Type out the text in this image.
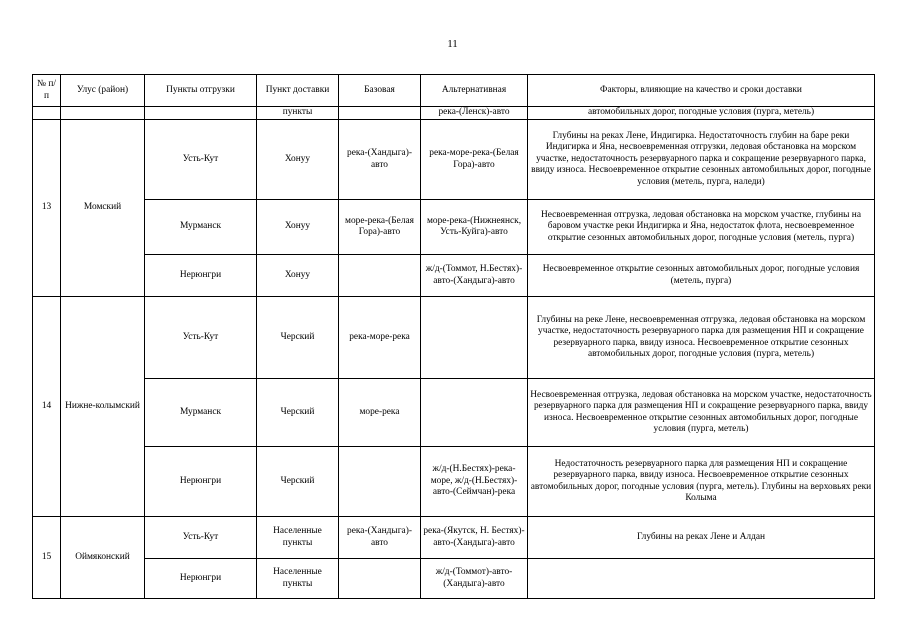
11
№ п/п	Улус (район)	Пункты отгрузки	Пункт доставки	Базовая	Альтернативная	Факторы, влияющие на качество и сроки доставки
			пункты		река-(Ленск)-авто	автомобильных дорог, погодные условия (пурга, метель)
13	Момский	Усть-Кут	Хонуу	река-(Хандыга)-авто	река-море-река-(Белая Гора)-авто	Глубины на реках Лене, Индигирка. Недостаточность глубин на баре реки Индигирка и Яна, несвоевременная отгрузки, ледовая обстановка на морском участке, недостаточность резервуарного парка и сокращение резервуарного парка, ввиду износа. Несвоевременное открытие сезонных автомобильных дорог, погодные условия (метель, пурга, наледи)
		Мурманск	Хонуу	море-река-(Белая Гора)-авто	море-река-(Нижнеянск, Усть-Куйга)-авто	Несвоевременная отгрузка, ледовая обстановка на морском участке, глубины на баровом участке реки Индигирка и Яна, недостаток флота, несвоевременное открытие сезонных автомобильных дорог, погодные условия (метель, пурга)
		Нерюнгри	Хонуу		ж/д-(Томмот, Н.Бестях)-авто-(Хандыга)-авто	Несвоевременное открытие сезонных автомобильных дорог, погодные условия (метель, пурга)
14	Нижне-колымский	Усть-Кут	Черский	река-море-река		Глубины на реке Лене, несвоевременная отгрузка, ледовая обстановка на морском участке, недостаточность резервуарного парка для размещения НП и сокращение резервуарного парка, ввиду износа. Несвоевременное открытие сезонных автомобильных дорог, погодные условия (пурга, метель)
		Мурманск	Черский	море-река		Несвоевременная отгрузка, ледовая обстановка на морском участке, недостаточность резервуарного парка для размещения НП и сокращение резервуарного парка, ввиду износа. Несвоевременное открытие сезонных автомобильных дорог, погодные условия (пурга, метель)
		Нерюнгри	Черский		ж/д-(Н.Бестях)-река-море, ж/д-(Н.Бестях)-авто-(Сеймчан)-река	Недостаточность резервуарного парка для размещения НП и сокращение резервуарного парка, ввиду износа. Несвоевременное открытие сезонных автомобильных дорог, погодные условия (пурга, метель). Глубины на верховьях реки Колыма
15	Оймяконский	Усть-Кут	Населенные пункты	река-(Хандыга)-авто	река-(Якутск, Н. Бестях)-авто-(Хандыга)-авто	Глубины на реках Лене и Алдан
		Нерюнгри	Населенные пункты		ж/д-(Томмот)-авто-(Хандыга)-авто	
